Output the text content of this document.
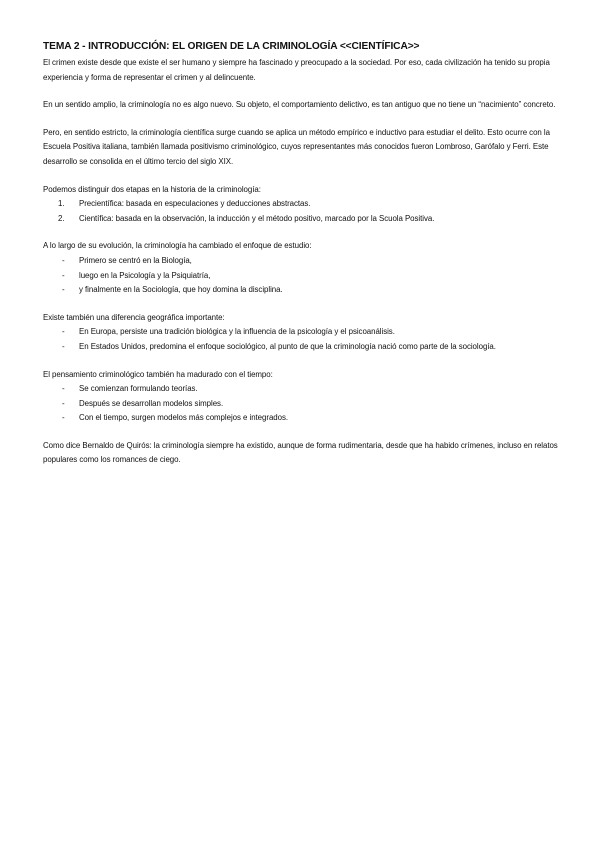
TEMA 2 - INTRODUCCIÓN: EL ORIGEN DE LA CRIMINOLOGÍA <<CIENTÍFICA>>

El crimen existe desde que existe el ser humano y siempre ha fascinado y preocupado a la sociedad. Por eso, cada civilización ha tenido su propia experiencia y forma de representar el crimen y al delincuente.

En un sentido amplio, la criminología no es algo nuevo. Su objeto, el comportamiento delictivo, es tan antiguo que no tiene un “nacimiento” concreto.

Pero, en sentido estricto, la criminología científica surge cuando se aplica un método empírico e inductivo para estudiar el delito. Esto ocurre con la Escuela Positiva italiana, también llamada positivismo criminológico, cuyos representantes más conocidos fueron Lombroso, Garófalo y Ferri. Este desarrollo se consolida en el último tercio del siglo XIX.

Podemos distinguir dos etapas en la historia de la criminología:

1. Precientífica: basada en especulaciones y deducciones abstractas.
2. Científica: basada en la observación, la inducción y el método positivo, marcado por la Scuola Positiva.

A lo largo de su evolución, la criminología ha cambiado el enfoque de estudio:

- Primero se centró en la Biología,
- luego en la Psicología y la Psiquiatría,
- y finalmente en la Sociología, que hoy domina la disciplina.

Existe también una diferencia geográfica importante:

- En Europa, persiste una tradición biológica y la influencia de la psicología y el psicoanálisis.
- En Estados Unidos, predomina el enfoque sociológico, al punto de que la criminología nació como parte de la sociología.

El pensamiento criminológico también ha madurado con el tiempo:

- Se comienzan formulando teorías.
- Después se desarrollan modelos simples.
- Con el tiempo, surgen modelos más complejos e integrados.

Como dice Bernaldo de Quirós: la criminología siempre ha existido, aunque de forma rudimentaria, desde que ha habido crímenes, incluso en relatos populares como los romances de ciego.
